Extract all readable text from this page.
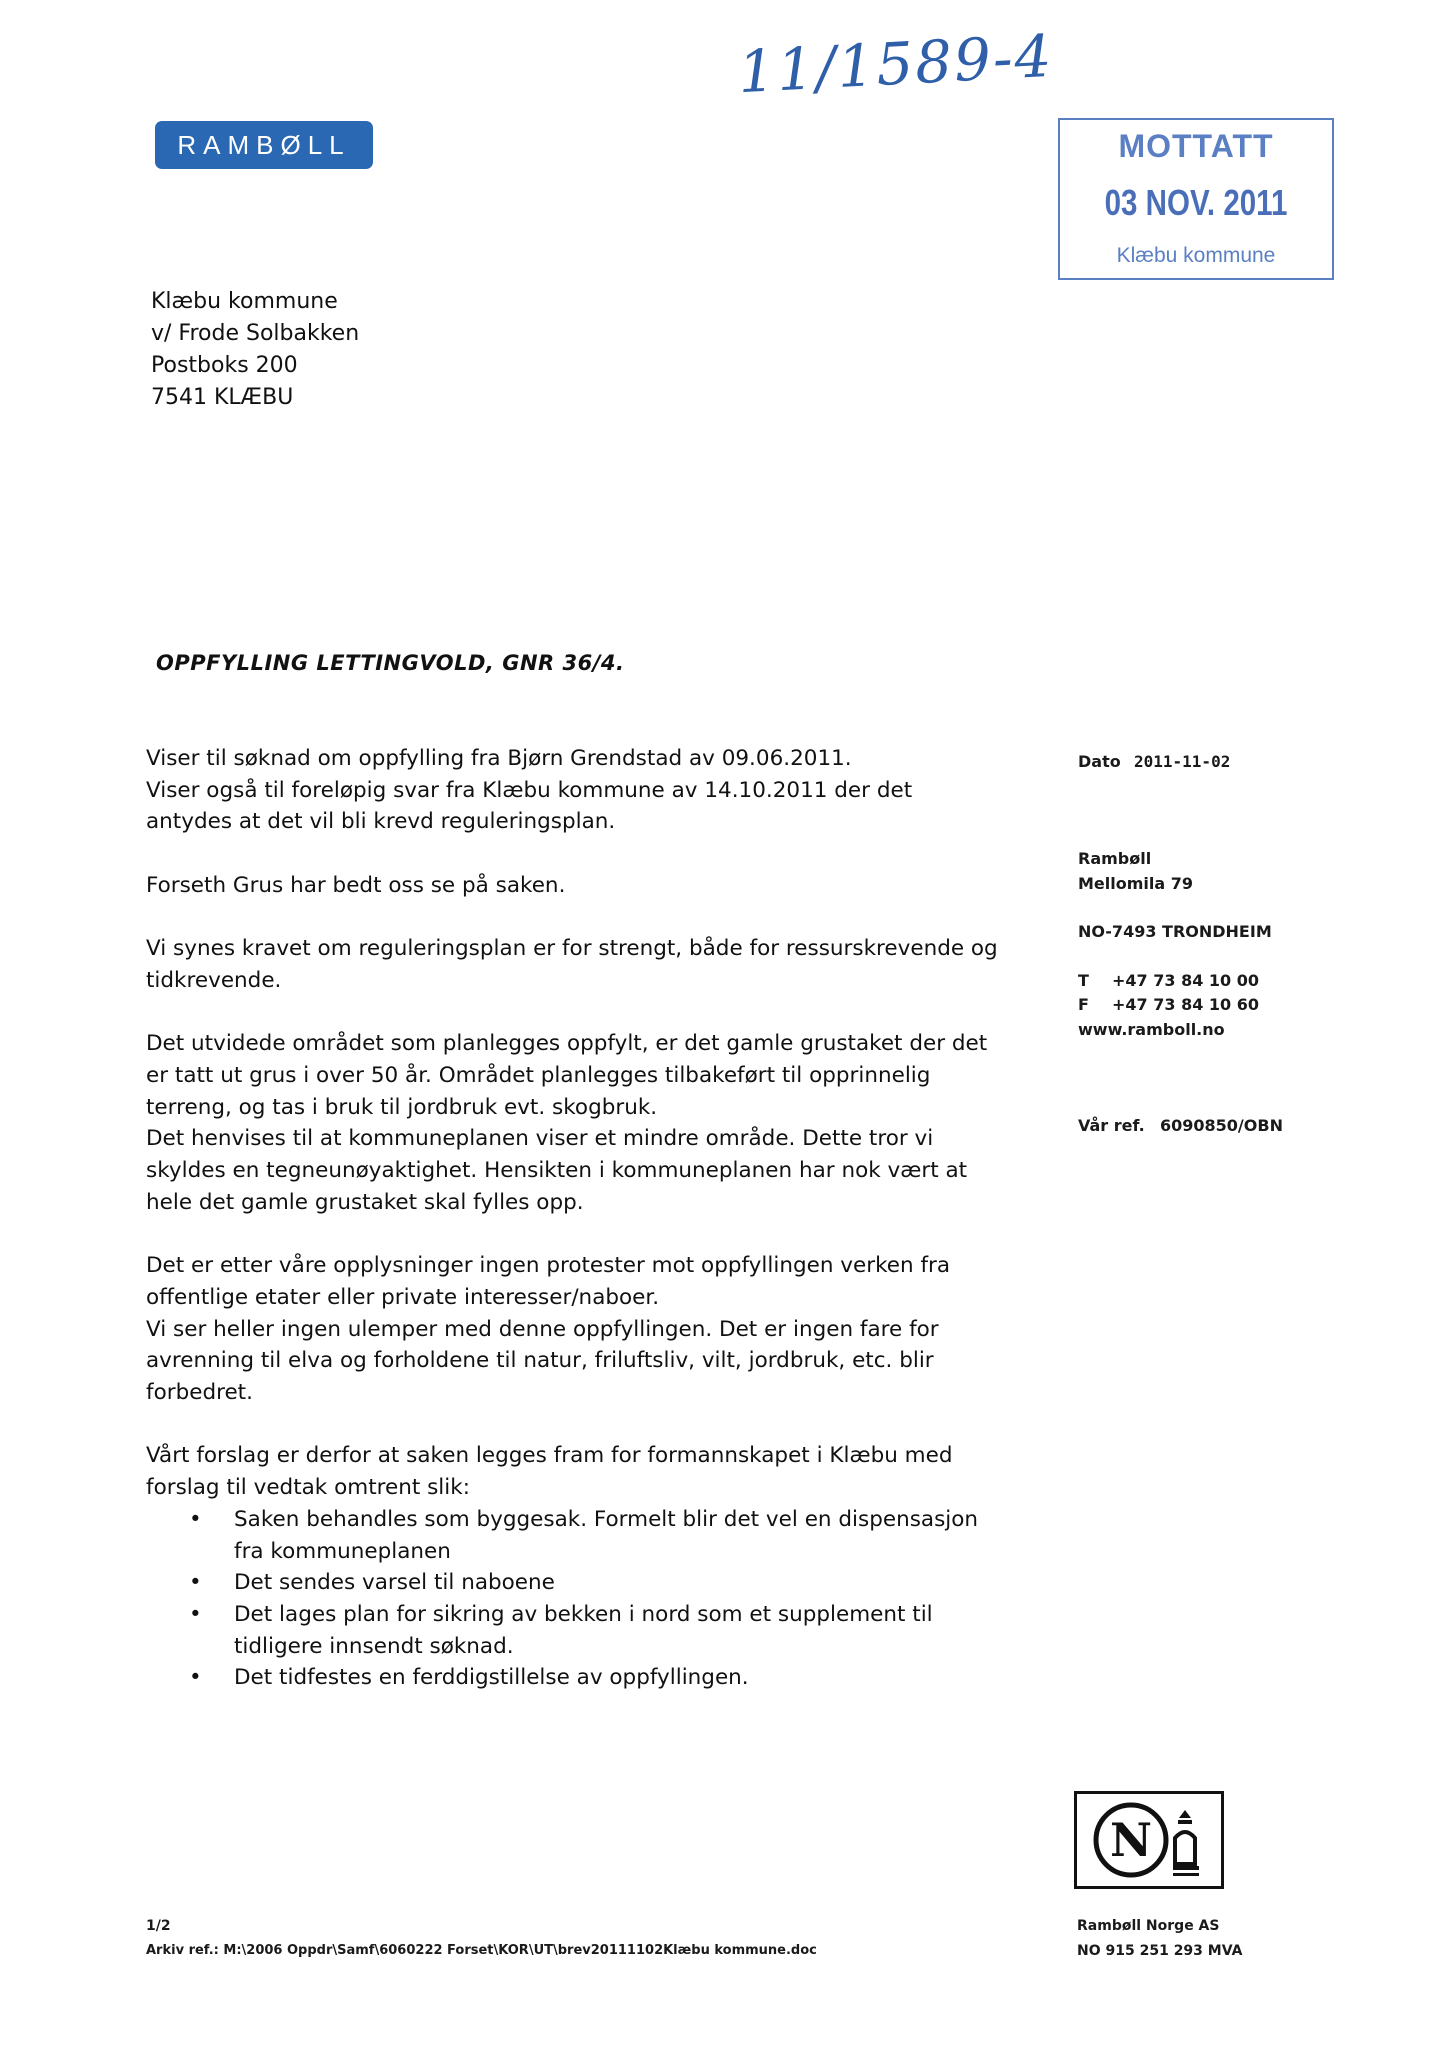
11/1589-4
RAMBØLL	MOTTATT
03 NOV. 2011
Klæbu kommune
Klæbu kommune
v/ Frode Solbakken
Postboks 200
7541 KLÆBU
OPPFYLLING LETTINGVOLD, GNR 36/4.

Viser til søknad om oppfylling fra Bjørn Grendstad av 09.06.2011.
Viser også til foreløpig svar fra Klæbu kommune av 14.10.2011 der det
antydes at det vil bli krevd reguleringsplan.

Forseth Grus har bedt oss se på saken.

Vi synes kravet om reguleringsplan er for strengt, både for ressurskrevende og
tidkrevende.

Det utvidede området som planlegges oppfylt, er det gamle grustaket der det
er tatt ut grus i over 50 år. Området planlegges tilbakeført til opprinnelig
terreng, og tas i bruk til jordbruk evt. skogbruk.
Det henvises til at kommuneplanen viser et mindre område. Dette tror vi
skyldes en tegneunøyaktighet. Hensikten i kommuneplanen har nok vært at
hele det gamle grustaket skal fylles opp.

Det er etter våre opplysninger ingen protester mot oppfyllingen verken fra
offentlige etater eller private interesser/naboer.
Vi ser heller ingen ulemper med denne oppfyllingen. Det er ingen fare for
avrenning til elva og forholdene til natur, friluftsliv, vilt, jordbruk, etc. blir
forbedret.

Vårt forslag er derfor at saken legges fram for formannskapet i Klæbu med
forslag til vedtak omtrent slik:

• Saken behandles som byggesak. Formelt blir det vel en dispensasjon
fra kommuneplanen
• Det sendes varsel til naboene
• Det lages plan for sikring av bekken i nord som et supplement til
tidligere innsendt søknad.
• Det tidfestes en ferddigstillelse av oppfyllingen.
Dato 2011-11-02
Rambøll
Mellomila 79
NO-7493 TRONDHEIM
T +47 73 84 10 00
F +47 73 84 10 60
www.ramboll.no
Vår ref. 6090850/OBN
N
1/2
Arkiv ref.: M:\2006 Oppdr\Samf\6060222 Forset\KOR\UT\brev20111102Klæbu kommune.doc
Rambøll Norge AS
NO 915 251 293 MVA
